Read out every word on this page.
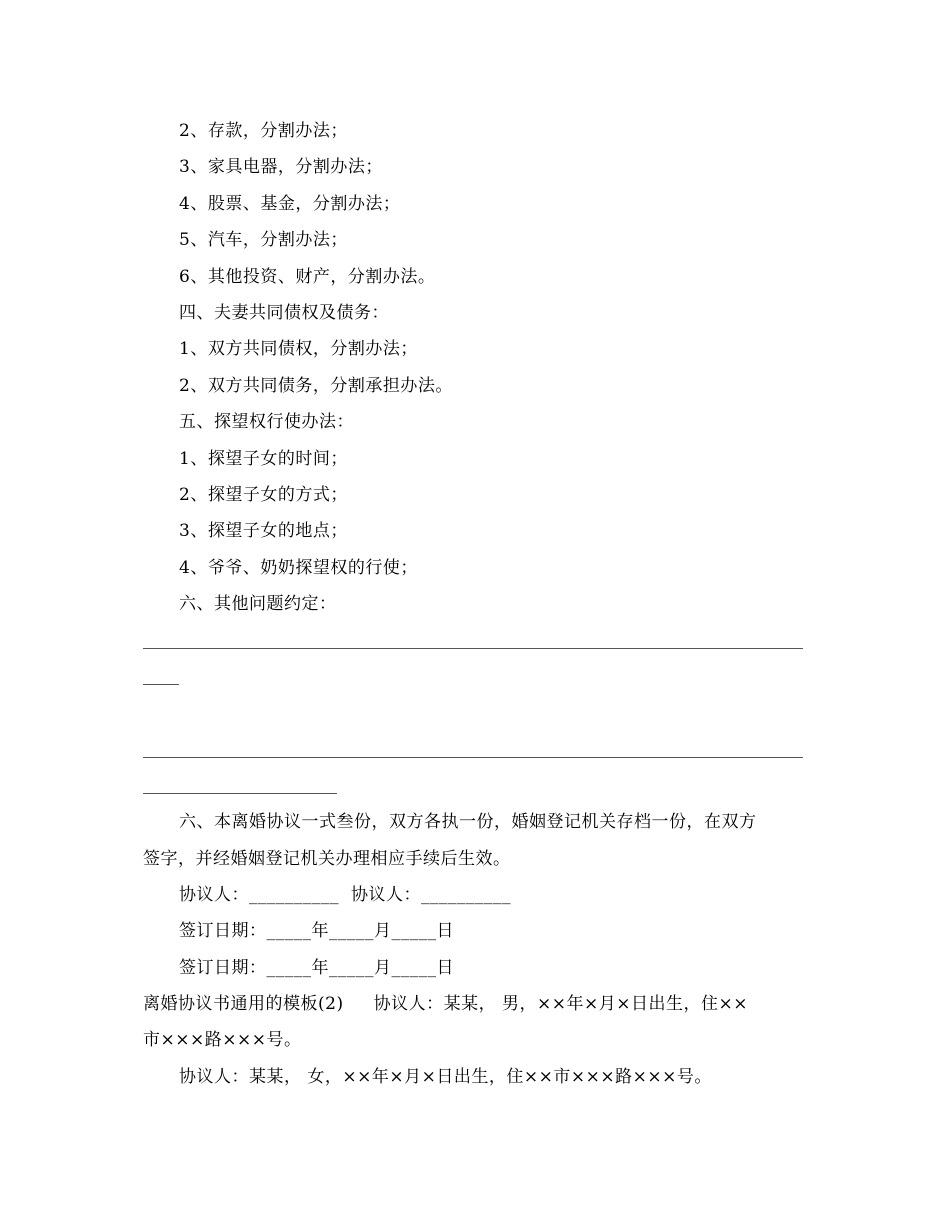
2、存款，分割办法；
3、家具电器，分割办法；
4、股票、基金，分割办法；
5、汽车，分割办法；
6、其他投资、财产，分割办法。
四、夫妻共同债权及债务：
1、双方共同债权，分割办法；
2、双方共同债务，分割承担办法。
五、探望权行使办法：
1、探望子女的时间；
2、探望子女的方式；
3、探望子女的地点；
4、爷爷、奶奶探望权的行使；
六、其他问题约定：
六、本离婚协议一式叁份，双方各执一份，婚姻登记机关存档一份，在双方
签字，并经婚姻登记机关办理相应手续后生效。
协议人：__________ 协议人：__________
签订日期：_____年_____月_____日
签订日期：_____年_____月_____日
离婚协议书通用的模板(2) 协议人：某某， 男，××年×月×日出生，住××
市×××路×××号。
协议人：某某， 女，××年×月×日出生，住××市×××路×××号。
